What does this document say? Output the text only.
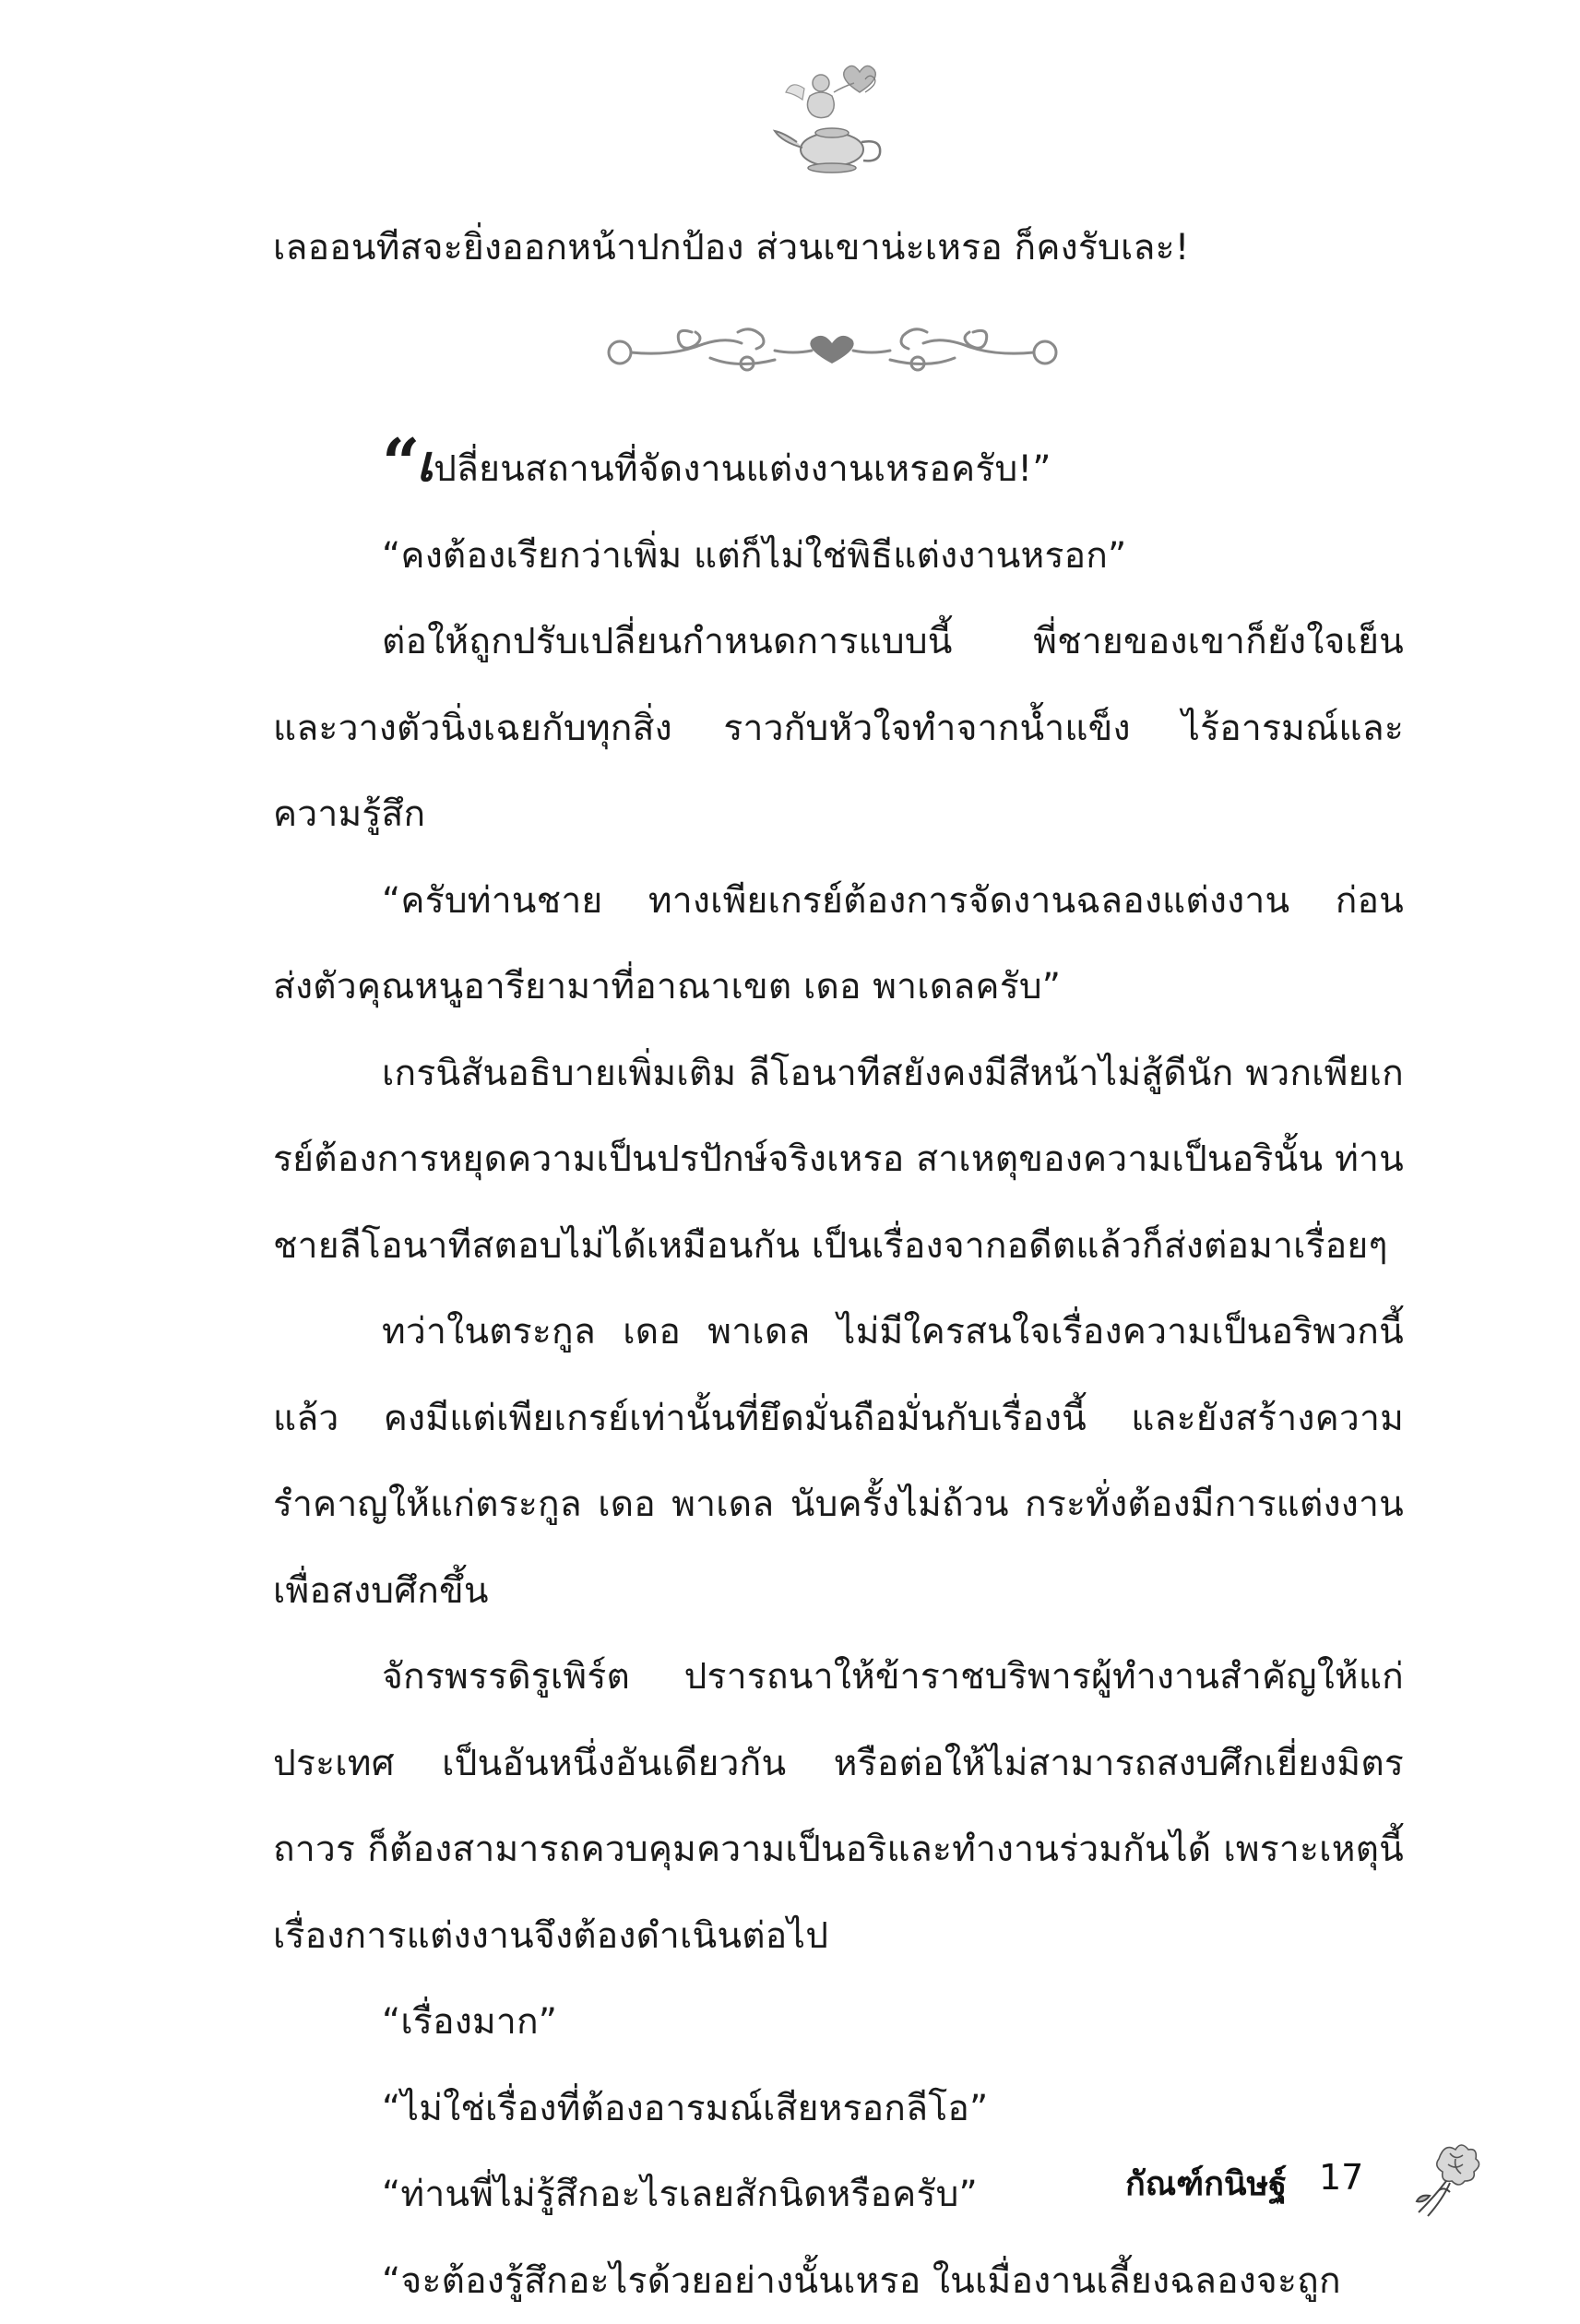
เลออนทีสจะยิ่งออกหน้าปกป้อง ส่วนเขาน่ะเหรอ ก็คงรับเละ!

“เปลี่ยนสถานที่จัดงานแต่งงานเหรอครับ!”

“คงต้องเรียกว่าเพิ่ม แต่ก็ไม่ใช่พิธีแต่งงานหรอก”

ต่อให้ถูกปรับเปลี่ยนกำหนดการแบบนี้ พี่ชายของเขาก็ยังใจเย็น และวางตัวนิ่งเฉยกับทุกสิ่ง ราวกับหัวใจทำจากน้ำแข็ง ไร้อารมณ์และความรู้สึก

“ครับท่านชาย ทางเพียเกรย์ต้องการจัดงานฉลองแต่งงาน ก่อนส่งตัวคุณหนูอารียามาที่อาณาเขต เดอ พาเดลครับ”

เกรนิสันอธิบายเพิ่มเติม ลีโอนาทีสยังคงมีสีหน้าไม่สู้ดีนัก พวกเพียเกรย์ต้องการหยุดความเป็นปรปักษ์จริงเหรอ สาเหตุของความเป็นอรินั้น ท่านชายลีโอนาทีสตอบไม่ได้เหมือนกัน เป็นเรื่องจากอดีตแล้วก็ส่งต่อมาเรื่อยๆ

ทว่าในตระกูล เดอ พาเดล ไม่มีใครสนใจเรื่องความเป็นอริพวกนี้แล้ว คงมีแต่เพียเกรย์เท่านั้นที่ยึดมั่นถือมั่นกับเรื่องนี้ และยังสร้างความรำคาญให้แก่ตระกูล เดอ พาเดล นับครั้งไม่ถ้วน กระทั่งต้องมีการแต่งงานเพื่อสงบศึกขึ้น

จักรพรรดิรูเพิร์ต ปรารถนาให้ข้าราชบริพารผู้ทำงานสำคัญให้แก่ประเทศ เป็นอันหนึ่งอันเดียวกัน หรือต่อให้ไม่สามารถสงบศึกเยี่ยงมิตรถาวร ก็ต้องสามารถควบคุมความเป็นอริและทำงานร่วมกันได้ เพราะเหตุนี้เรื่องการแต่งงานจึงต้องดำเนินต่อไป

“เรื่องมาก”

“ไม่ใช่เรื่องที่ต้องอารมณ์เสียหรอกลีโอ”

“ท่านพี่ไม่รู้สึกอะไรเลยสักนิดหรือครับ”

“จะต้องรู้สึกอะไรด้วยอย่างนั้นเหรอ ในเมื่องานเลี้ยงฉลองจะถูก

กัณฑ์กนิษฐ์ 17
